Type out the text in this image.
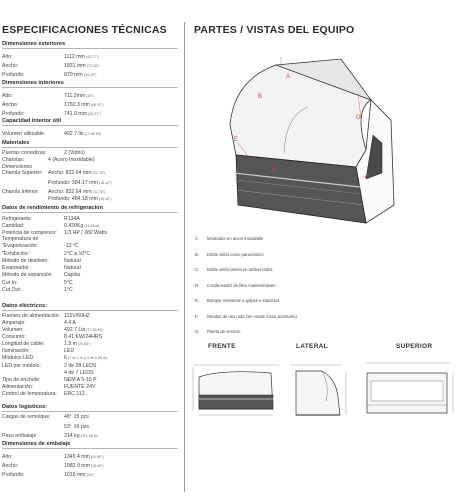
ESPECIFICACIONES TÉCNICAS
Dimensiones exteriores
Alto:	1112 mm (43.77")
Ancho:	1831 mm (72.08")
Profundo:	870 mm (34.25")
Dimensiones interiores
Alto:	711.2mm (28")
Ancho:	1750.3 mm (68.91")
Profundo:	741.9 mm (29.21")
Capacidad interior útil
Volumen utilizable:	492.7 lts (17.83 ft3)
Materiales
Datos de rendimiento de refrigeración
Datos eléctricos:
Datos logísticos:
Dimensiones de embalaje
Alto:	1345.4 mm (52.95")
Ancho:	1982.9 mm (78.06")
Profundo:	1016 mm (40")
Puertas corredizas:	2 (Vidrio)
Charolas:	4 (Acero Inoxidable)
Dimensiones
Charola Superior: Ancho: 832.64 mm (32.78")
Profundo: 384.17 mm (15.12")
Charola Inferior: Ancho: 832.64 mm (32.78")
Profundo: 484.18 mm (19.06")
Refrigerante:	R134A
Cantidad:	0.420Kg (14.81oz)
Potencia de compresor: 1/3 HP / 382 Watts
Temperatura de
"Evaporización:	-13 °C
"Exhibición:	2°C a 10°C
Método de deshielo:	Natural
Evaporador	Natural
Método de expansión Capilar
Cut In:	5°C
Cut Out:	1°C
Fuentes de alimentación: 115V/60HZ
Amperaje:	4.4 A
Volumen:	492.7 Lts (17.83 ft3)
Consumo:	8.41 KW/24HRS
Longitud de cable:	1.9 m (74.80")
Iluminación:	LED
Módulos LED:	6 (2 de 1 m y 4 de 0.25 m)
LED por módulo:	2 de 28 LEDS
4 de 7 LEDS
Tipo de enchufe:	NEM A 5-15 P
Alimentación:	FUENTE 24V
Control de temperatura: ERC 112
Cargas de remolque:	48': 15 pzs
53': 16 pzs
Peso embalaje:	214 kg (471.96 lb)
PARTES / VISTAS DEL EQUIPO
A
B
G
E
D
C
A. Mostrador en acero inoxidable
B. Doble vidrio curvo panorámico
C. Doble vidrio lateral en ambos lados
D. Condensador de libre mantenimiento
E. Bumper resistente a golpes e impactos
F. Ruedas de uso rudo (Se vende como accesorio)
G. Puerta de servicio
FRENTE	LATERAL	SUPERIOR
